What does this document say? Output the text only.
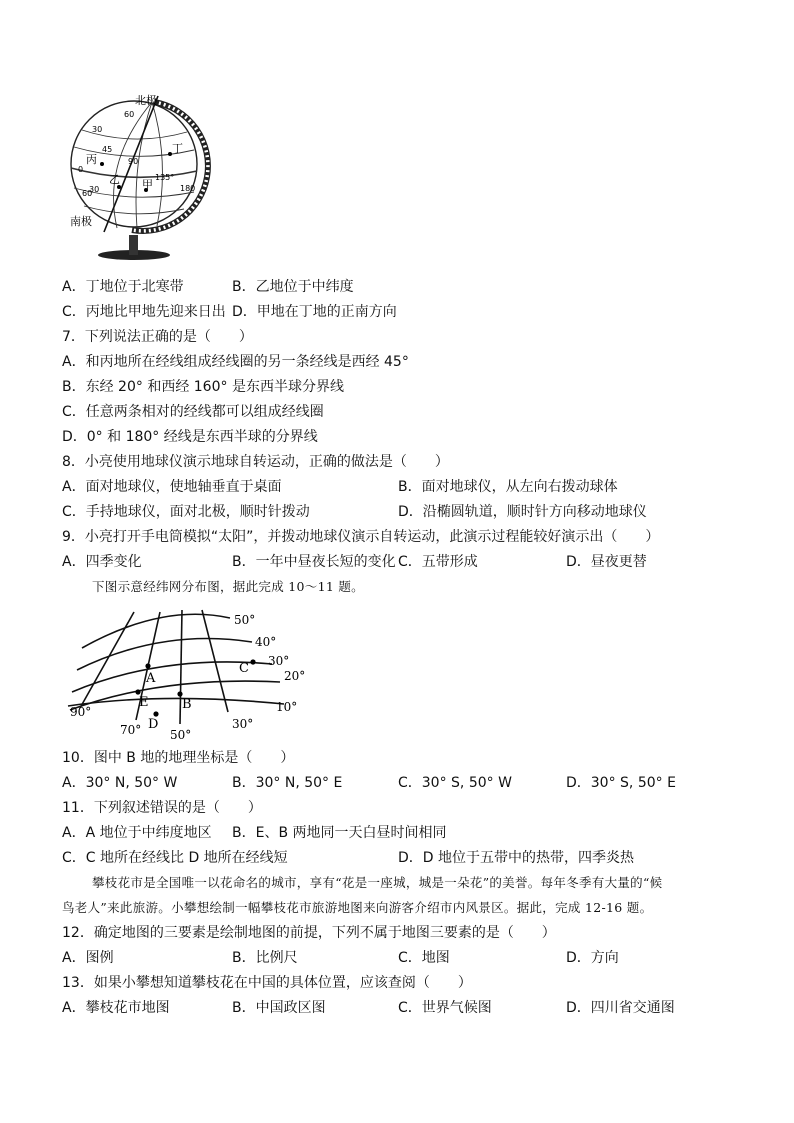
北极
南极
60
45
30
0
30
60
90
135°
180
丁
丙
乙 甲
A．丁地位于北寒带	B．乙地位于中纬度
C．丙地比甲地先迎来日出 D．甲地在丁地的正南方向
7．下列说法正确的是（　　）
A．和丙地所在经线组成经线圈的另一条经线是西经 45°
B．东经 20° 和西经 160° 是东西半球分界线
C．任意两条相对的经线都可以组成经线圈
D．0° 和 180° 经线是东西半球的分界线
8．小亮使用地球仪演示地球自转运动，正确的做法是（　　）
A．面对地球仪，使地轴垂直于桌面	B．面对地球仪，从左向右拨动球体
C．手持地球仪，面对北极，顺时针拨动	D．沿椭圆轨道，顺时针方向移动地球仪
9．小亮打开手电筒模拟“太阳”，并拨动地球仪演示自转运动，此演示过程能较好演示出（　　）
A．四季变化	B．一年中昼夜长短的变化 C．五带形成	D．昼夜更替
下图示意经纬网分布图，据此完成 10～11 题。
A
B
C
D
E
50°
40°
30°
20°
10°
90°
70° 50°
30°
10．图中 B 地的地理坐标是（　　）
A．30° N, 50° W	B．30° N, 50° E	C．30° S, 50° W	D．30° S, 50° E
11．下列叙述错误的是（　　）
A．A 地位于中纬度地区 B．E、B 两地同一天白昼时间相同
C．C 地所在经线比 D 地所在经线短	D．D 地位于五带中的热带，四季炎热
攀枝花市是全国唯一以花命名的城市，享有“花是一座城，城是一朵花”的美誉。每年冬季有大量的“候
鸟老人”来此旅游。小攀想绘制一幅攀枝花市旅游地图来向游客介绍市内风景区。据此，完成 12-16 题。
12．确定地图的三要素是绘制地图的前提，下列不属于地图三要素的是（　　）
A．图例	B．比例尺	C．地图	D．方向
13．如果小攀想知道攀枝花在中国的具体位置，应该查阅（　　）
A．攀枝花市地图	B．中国政区图	C．世界气候图	D．四川省交通图
